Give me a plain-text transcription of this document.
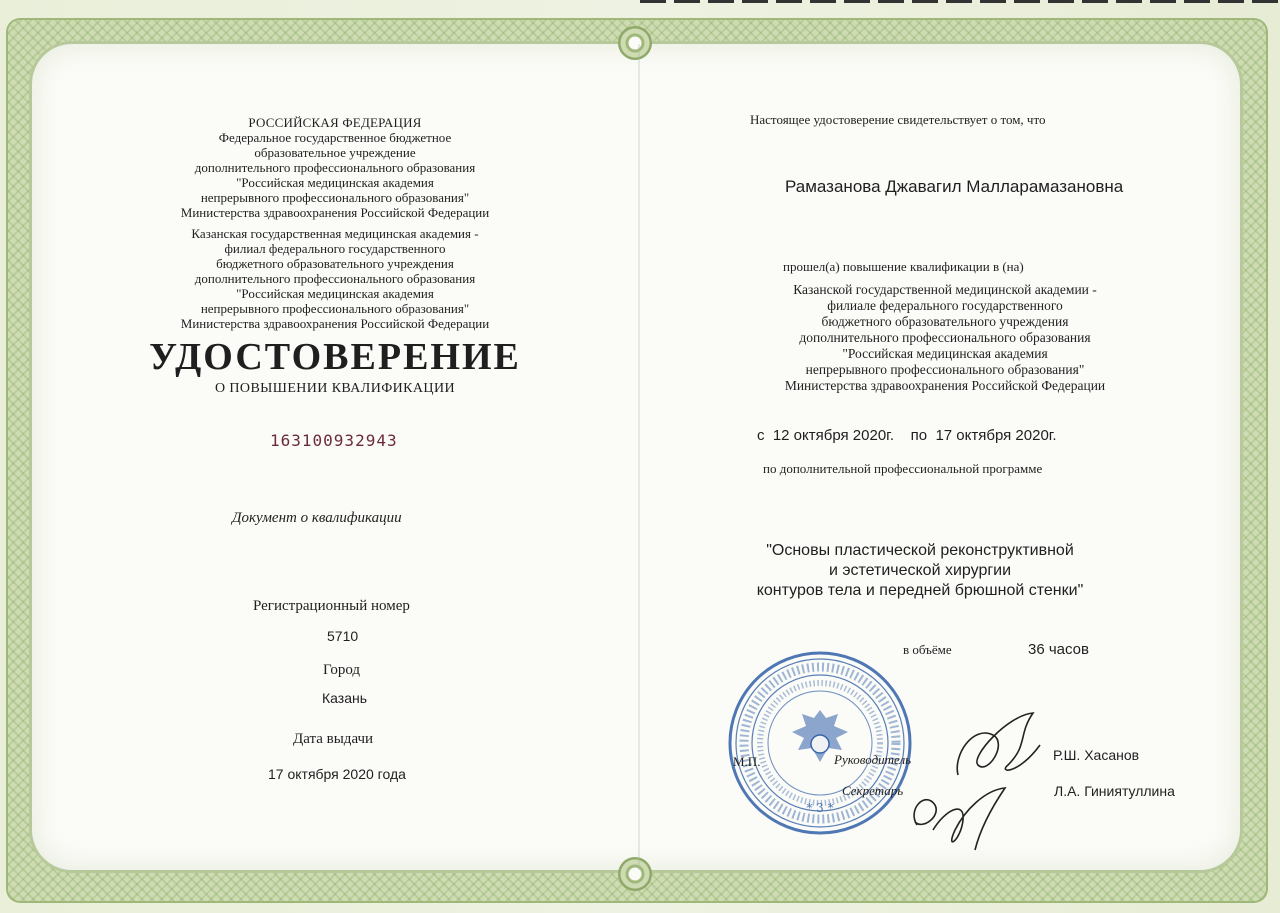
РОССИЙСКАЯ ФЕДЕРАЦИЯ
Федеральное государственное бюджетное
образовательное учреждение
дополнительного профессионального образования
"Российская медицинская академия
непрерывного профессионального образования"
Министерства здравоохранения Российской Федерации
Казанская государственная медицинская академия -
филиал федерального государственного
бюджетного образовательного учреждения
дополнительного профессионального образования
"Российская медицинская академия
непрерывного профессионального образования"
Министерства здравоохранения Российской Федерации
УДОСТОВЕРЕНИЕ
О ПОВЫШЕНИИ КВАЛИФИКАЦИИ
163100932943
Документ о квалификации
Регистрационный номер
5710
Город
Казань
Дата выдачи
17 октября 2020 года
Настоящее удостоверение свидетельствует о том, что
Рамазанова Джавагил Малларамазановна
прошел(а) повышение квалификации в (на)
Казанской государственной медицинской академии -
филиале федерального государственного
бюджетного образовательного учреждения
дополнительного профессионального образования
"Российская медицинская академия
непрерывного профессионального образования"
Министерства здравоохранения Российской Федерации
с  12 октября 2020г.    по  17 октября 2020г.
по дополнительной профессиональной программе
"Основы пластической реконструктивной
и эстетической хирургии
контуров тела и передней брюшной стенки"
в объёме	36 часов
* 3 *
М.П.	Руководитель
Секретарь
Р.Ш. Хасанов
Л.А. Гиниятуллина
